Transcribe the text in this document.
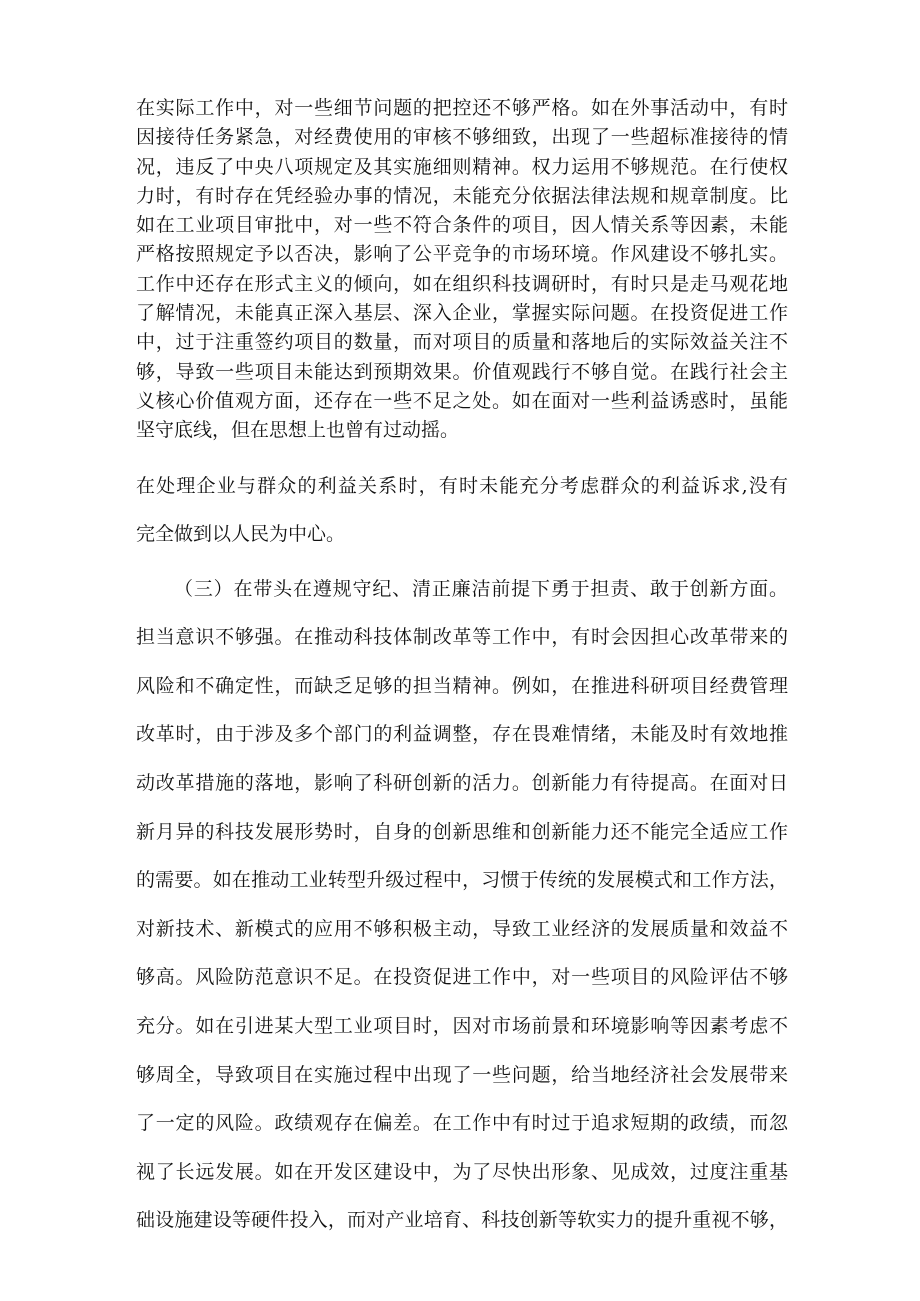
在实际工作中，对一些细节问题的把控还不够严格。如在外事活动中，有时
因接待任务紧急，对经费使用的审核不够细致，出现了一些超标准接待的情
况，违反了中央八项规定及其实施细则精神。权力运用不够规范。在行使权
力时，有时存在凭经验办事的情况，未能充分依据法律法规和规章制度。比
如在工业项目审批中，对一些不符合条件的项目，因人情关系等因素，未能
严格按照规定予以否决，影响了公平竞争的市场环境。作风建设不够扎实。
工作中还存在形式主义的倾向，如在组织科技调研时，有时只是走马观花地
了解情况，未能真正深入基层、深入企业，掌握实际问题。在投资促进工作
中，过于注重签约项目的数量，而对项目的质量和落地后的实际效益关注不
够，导致一些项目未能达到预期效果。价值观践行不够自觉。在践行社会主
义核心价值观方面，还存在一些不足之处。如在面对一些利益诱惑时，虽能
坚守底线，但在思想上也曾有过动摇。
在处理企业与群众的利益关系时，有时未能充分考虑群众的利益诉求,没有
完全做到以人民为中心。
（三）在带头在遵规守纪、清正廉洁前提下勇于担责、敢于创新方面。
担当意识不够强。在推动科技体制改革等工作中，有时会因担心改革带来的
风险和不确定性，而缺乏足够的担当精神。例如，在推进科研项目经费管理
改革时，由于涉及多个部门的利益调整，存在畏难情绪，未能及时有效地推
动改革措施的落地，影响了科研创新的活力。创新能力有待提高。在面对日
新月异的科技发展形势时，自身的创新思维和创新能力还不能完全适应工作
的需要。如在推动工业转型升级过程中，习惯于传统的发展模式和工作方法，
对新技术、新模式的应用不够积极主动，导致工业经济的发展质量和效益不
够高。风险防范意识不足。在投资促进工作中，对一些项目的风险评估不够
充分。如在引进某大型工业项目时，因对市场前景和环境影响等因素考虑不
够周全，导致项目在实施过程中出现了一些问题，给当地经济社会发展带来
了一定的风险。政绩观存在偏差。在工作中有时过于追求短期的政绩，而忽
视了长远发展。如在开发区建设中，为了尽快出形象、见成效，过度注重基
础设施建设等硬件投入，而对产业培育、科技创新等软实力的提升重视不够，
